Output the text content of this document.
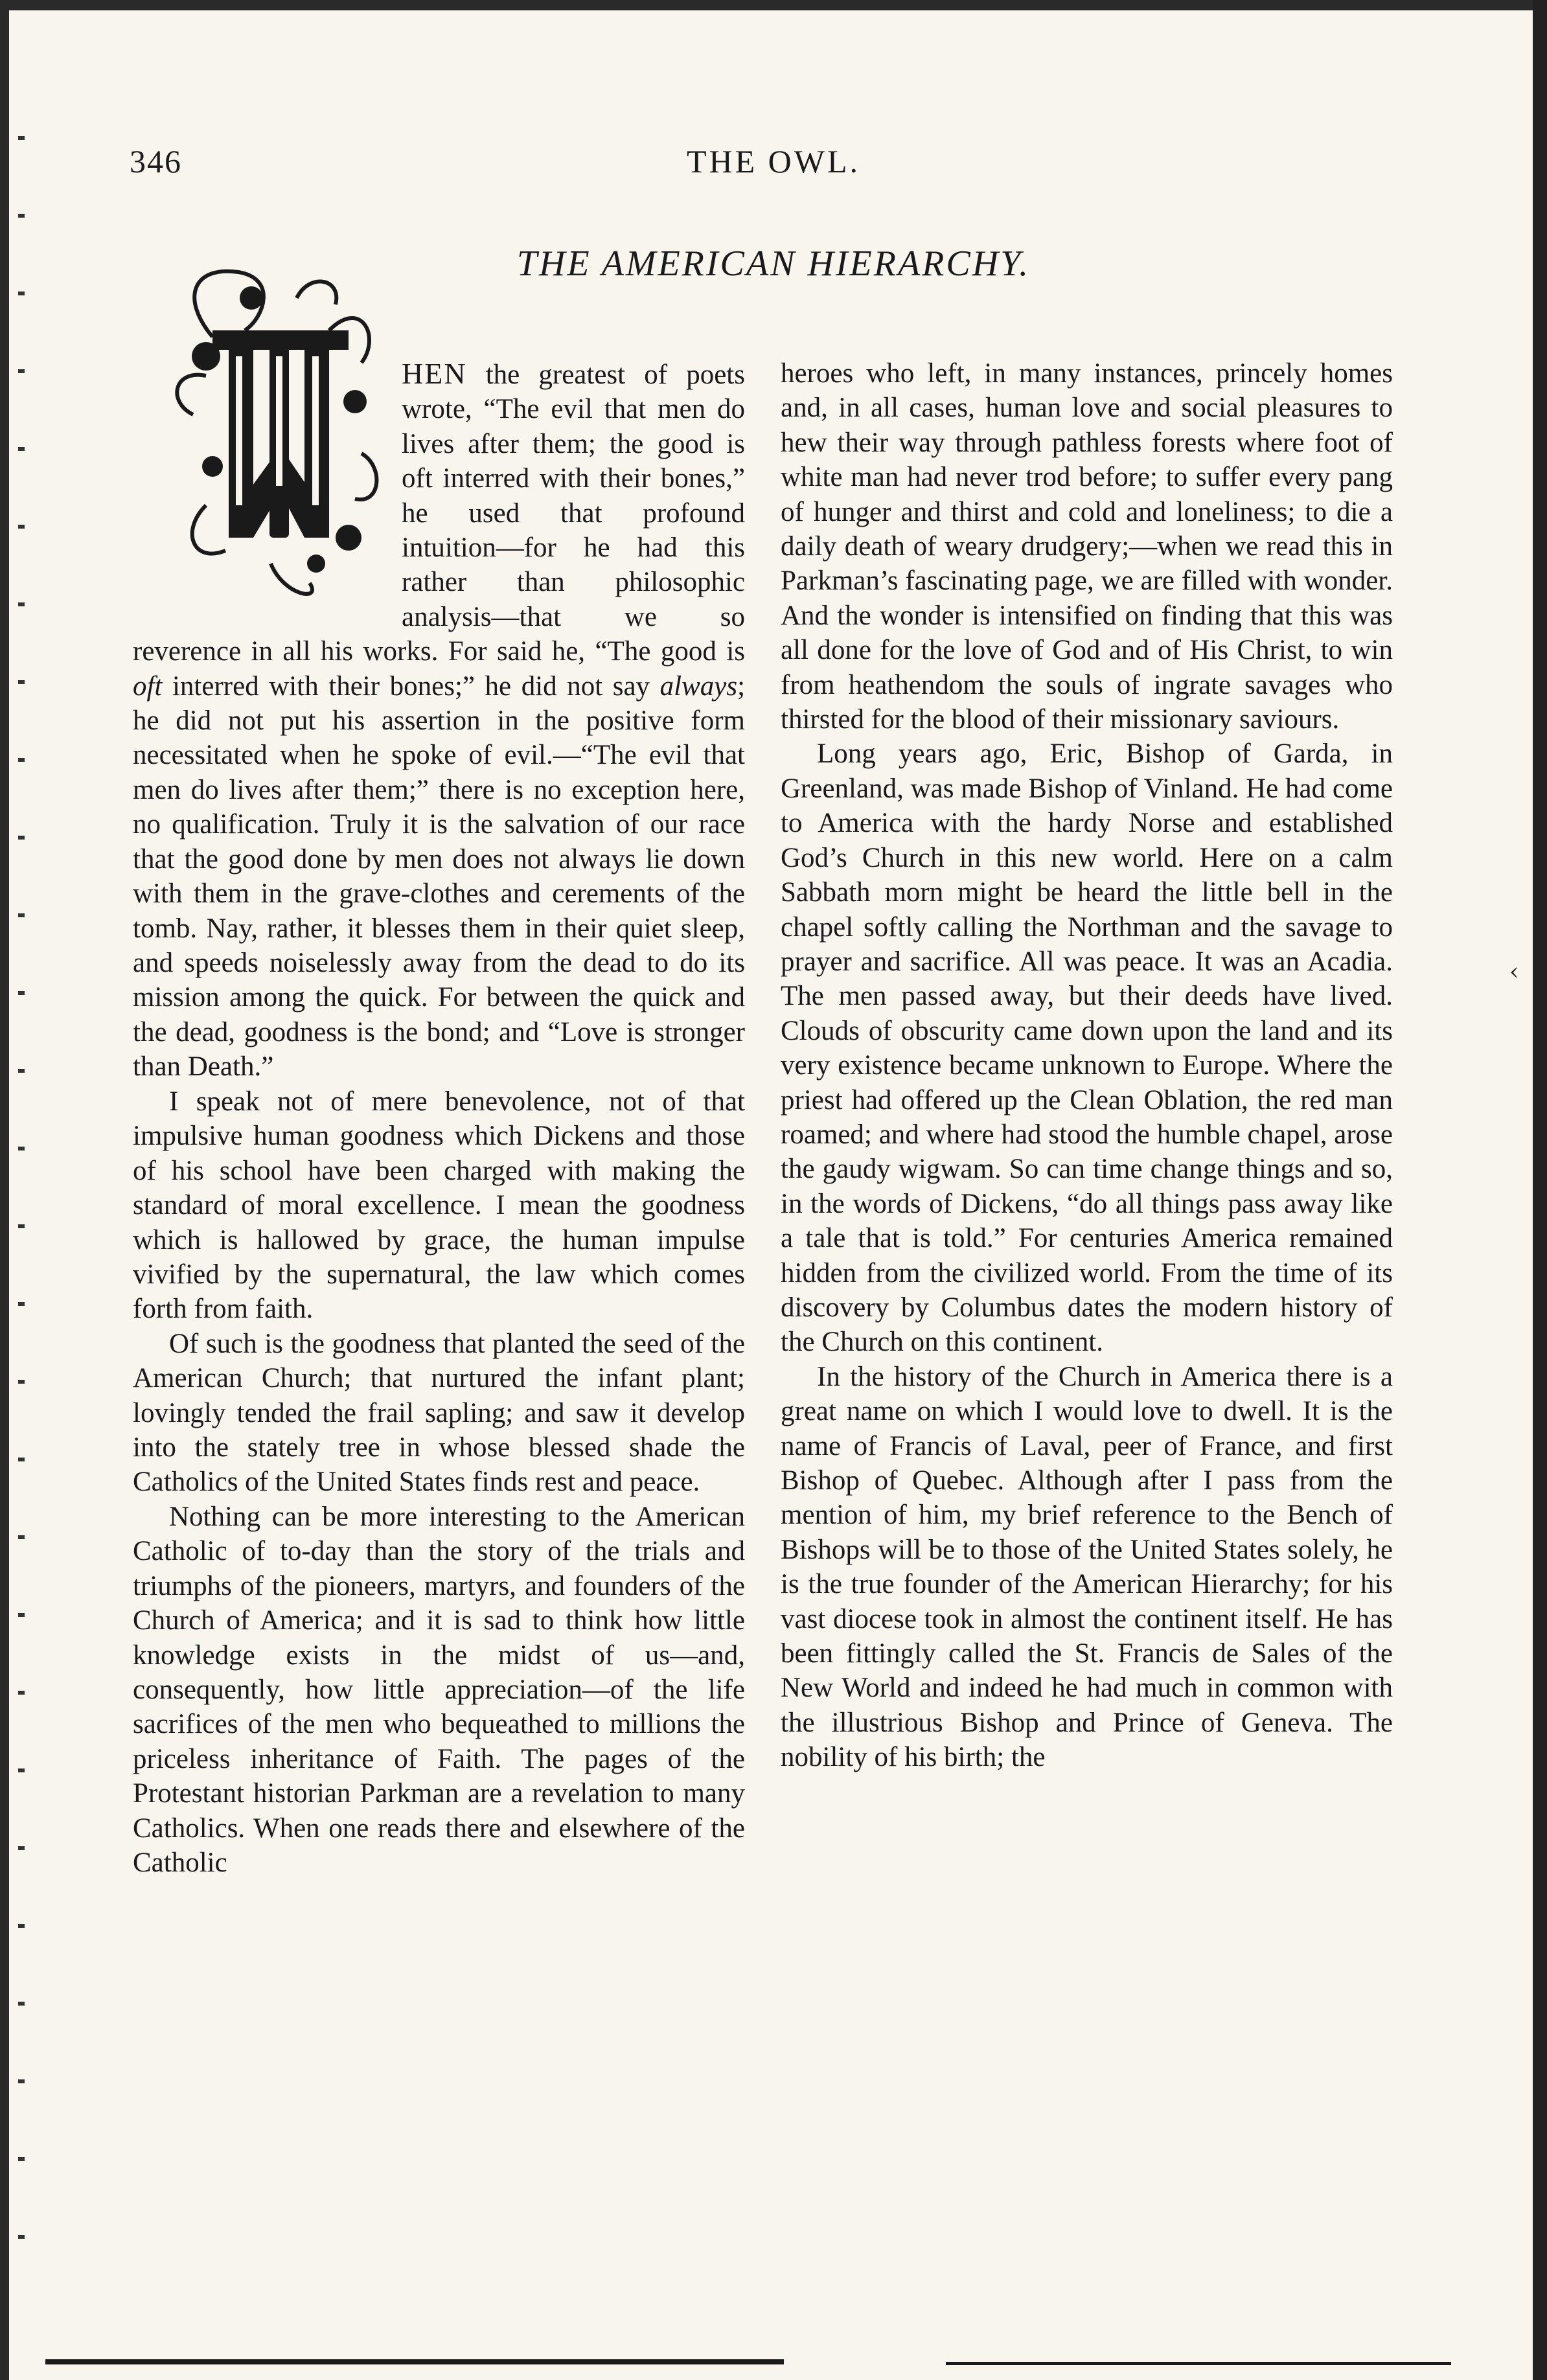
346	THE OWL.
THE AMERICAN HIERARCHY.

HEN the greatest of poets wrote, “The evil that men do lives after them; the good is oft interred with their bones,” he used that profound intuition—for he had this rather than philosophic analysis—that we so reverence in all his works. For said he, “The good is oft interred with their bones;” he did not say always; he did not put his assertion in the positive form necessitated when he spoke of evil.—“The evil that men do lives after them;” there is no exception here, no qualification. Truly it is the salvation of our race that the good done by men does not always lie down with them in the grave-clothes and cerements of the tomb. Nay, rather, it blesses them in their quiet sleep, and speeds noiselessly away from the dead to do its mission among the quick. For between the quick and the dead, goodness is the bond; and “Love is stronger than Death.”

heroes who left, in many instances, princely homes and, in all cases, human love and social pleasures to hew their way through pathless forests where foot of white man had never trod before; to suffer every pang of hunger and thirst and cold and loneliness; to die a daily death of weary drudgery;—when we read this in Parkman’s fascinating page, we are filled with wonder. And the wonder is intensified on finding that this was all done for the love of God and of His Christ, to win from heathendom the souls of ingrate savages who thirsted for the blood of their missionary saviours.

Long years ago, Eric, Bishop of Garda, in Greenland, was made Bishop of Vinland. He had come to America with the hardy Norse and established God’s Church in this new world. Here on a calm Sabbath morn might be heard the little bell in the chapel softly calling the Northman and the savage to prayer and sacrifice. All was peace. It was an Acadia. The men passed away, but their deeds have lived. Clouds of obscurity came down upon the land and its very existence became unknown to Europe. Where the priest had offered up the Clean Oblation, the red man roamed; and where had stood the humble chapel, arose the gaudy wigwam. So can time change things and so, in the words of Dickens, “do all things pass away like a tale that is told.” For centuries America remained hidden from the civilized world. From the time of its discovery by Columbus dates the modern history of the Church on this continent.

In the history of the Church in America there is a great name on which I would love to dwell. It is the name of Francis of Laval, peer of France, and first Bishop of Quebec. Although after I pass from the mention of him, my brief reference to the Bench of Bishops will be to those of the United States solely, he is the true founder of the American Hierarchy; for his vast diocese took in almost the continent itself. He has been fittingly called the St. Francis de Sales of the New World and indeed he had much in common with the illustrious Bishop and Prince of Geneva. The nobility of his birth; the

I speak not of mere benevolence, not of that impulsive human goodness which Dickens and those of his school have been charged with making the standard of moral excellence. I mean the goodness which is hallowed by grace, the human impulse vivified by the supernatural, the law which comes forth from faith.

Of such is the goodness that planted the seed of the American Church; that nurtured the infant plant; lovingly tended the frail sapling; and saw it develop into the stately tree in whose blessed shade the Catholics of the United States finds rest and peace.

Nothing can be more interesting to the American Catholic of to-day than the story of the trials and triumphs of the pioneers, martyrs, and founders of the Church of America; and it is sad to think how little knowledge exists in the midst of us—and, consequently, how little appreciation—of the life sacrifices of the men who bequeathed to millions the priceless inheritance of Faith. The pages of the Protestant historian Parkman are a revelation to many Catholics. When one reads there and elsewhere of the Catholic

‹
